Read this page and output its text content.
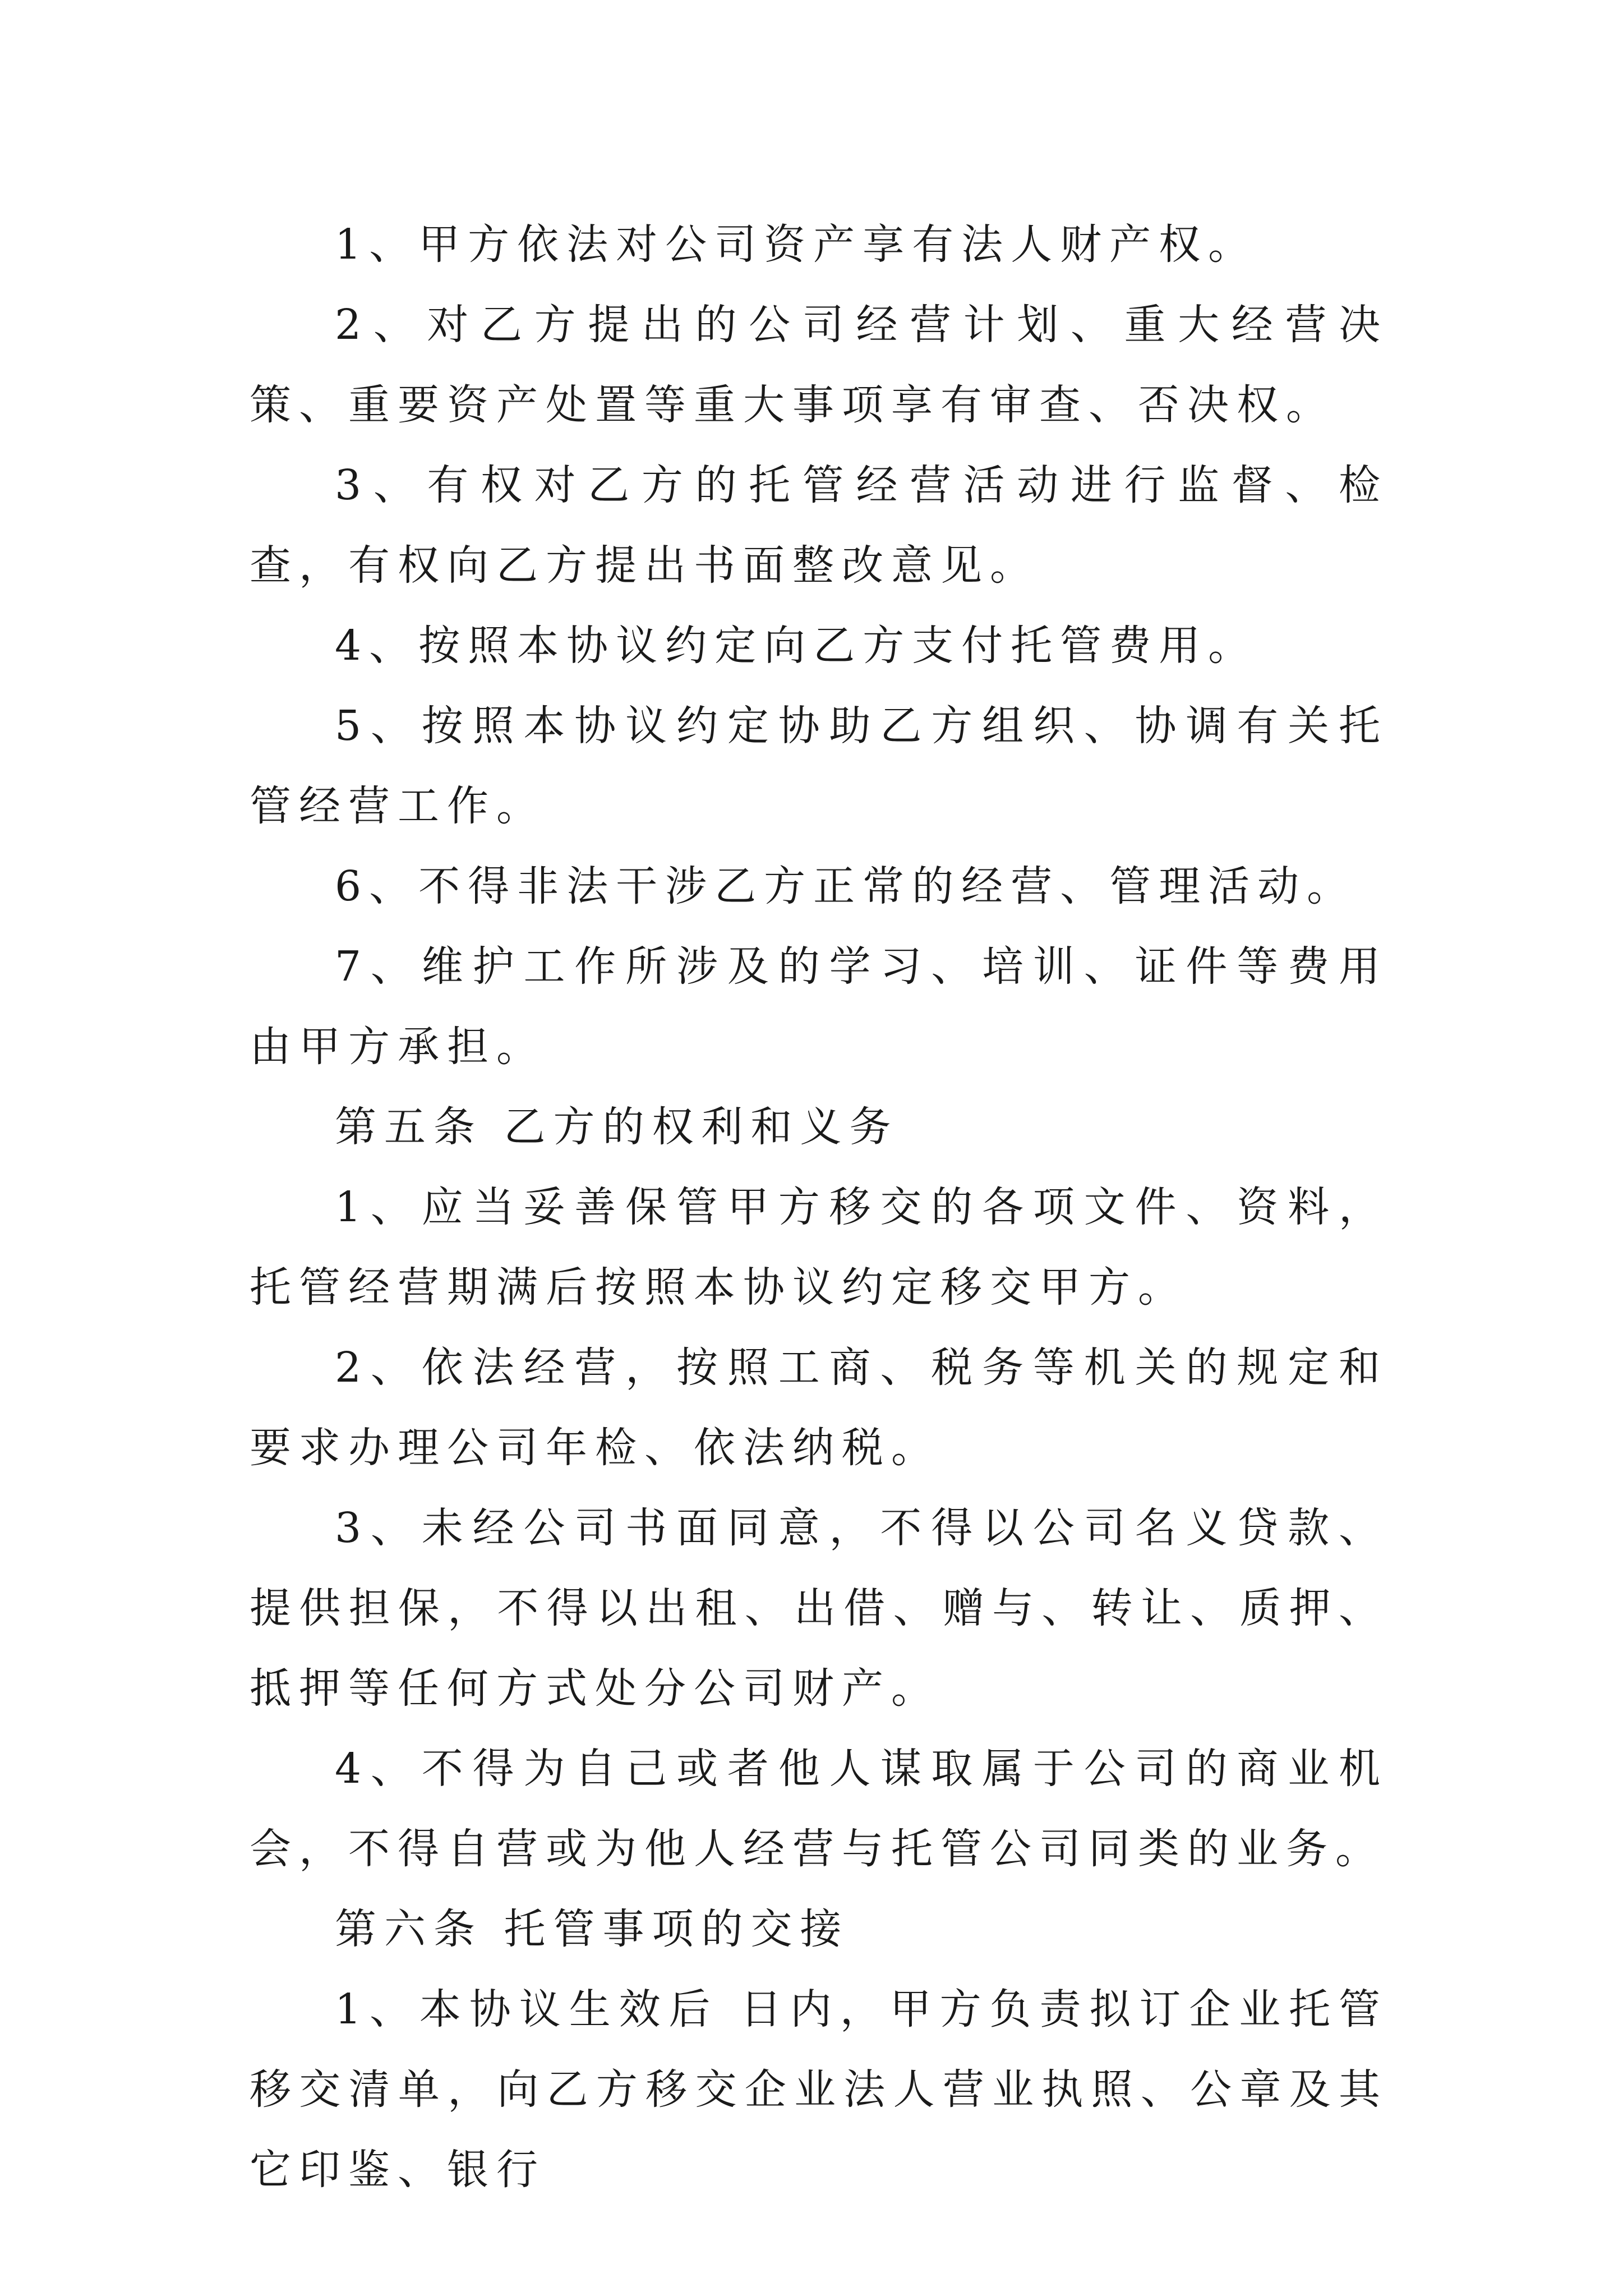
1、甲方依法对公司资产享有法人财产权。

2、对乙方提出的公司经营计划、重大经营决策、重要资产处置等重大事项享有审查、否决权。

3、有权对乙方的托管经营活动进行监督、检查，有权向乙方提出书面整改意见。

4、按照本协议约定向乙方支付托管费用。

5、按照本协议约定协助乙方组织、协调有关托管经营工作。

6、不得非法干涉乙方正常的经营、管理活动。

7、维护工作所涉及的学习、培训、证件等费用由甲方承担。

第五条 乙方的权利和义务

1、应当妥善保管甲方移交的各项文件、资料，托管经营期满后按照本协议约定移交甲方。

2、依法经营，按照工商、税务等机关的规定和要求办理公司年检、依法纳税。

3、未经公司书面同意，不得以公司名义贷款、提供担保，不得以出租、出借、赠与、转让、质押、抵押等任何方式处分公司财产。

4、不得为自己或者他人谋取属于公司的商业机会，不得自营或为他人经营与托管公司同类的业务。

第六条 托管事项的交接

1、本协议生效后 日内，甲方负责拟订企业托管移交清单，向乙方移交企业法人营业执照、公章及其它印鉴、银行
